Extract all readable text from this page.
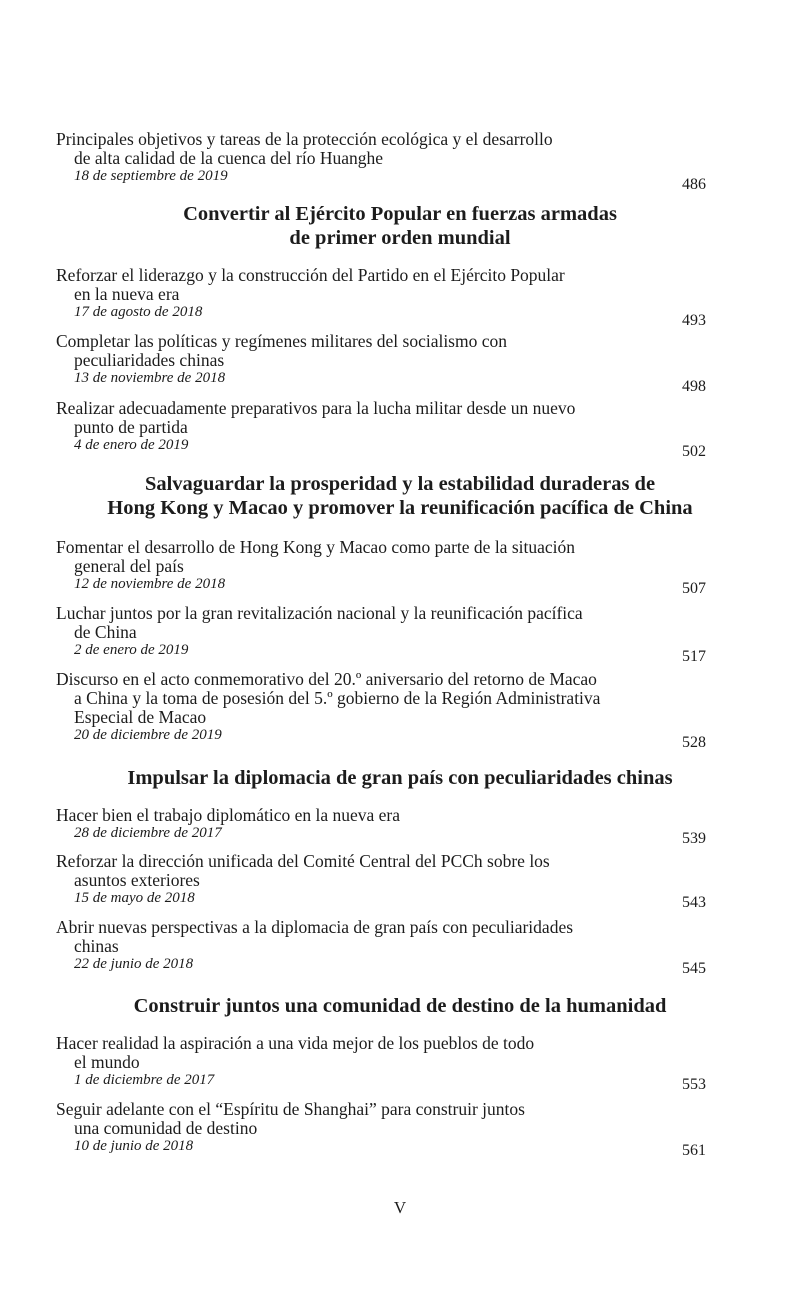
Principales objetivos y tareas de la protección ecológica y el desarrollo
de alta calidad de la cuenca del río Huanghe
18 de septiembre de 2019	486
Convertir al Ejército Popular en fuerzas armadas
de primer orden mundial
Reforzar el liderazgo y la construcción del Partido en el Ejército Popular
en la nueva era
17 de agosto de 2018	493
Completar las políticas y regímenes militares del socialismo con
peculiaridades chinas
13 de noviembre de 2018	498
Realizar adecuadamente preparativos para la lucha militar desde un nuevo
punto de partida
4 de enero de 2019	502
Salvaguardar la prosperidad y la estabilidad duraderas de
Hong Kong y Macao y promover la reunificación pacífica de China
Fomentar el desarrollo de Hong Kong y Macao como parte de la situación
general del país
12 de noviembre de 2018	507
Luchar juntos por la gran revitalización nacional y la reunificación pacífica
de China
2 de enero de 2019	517
Discurso en el acto conmemorativo del 20.º aniversario del retorno de Macao
a China y la toma de posesión del 5.º gobierno de la Región Administrativa
Especial de Macao
20 de diciembre de 2019	528
Impulsar la diplomacia de gran país con peculiaridades chinas
Hacer bien el trabajo diplomático en la nueva era
28 de diciembre de 2017	539
Reforzar la dirección unificada del Comité Central del PCCh sobre los
asuntos exteriores
15 de mayo de 2018	543
Abrir nuevas perspectivas a la diplomacia de gran país con peculiaridades
chinas
22 de junio de 2018	545
Construir juntos una comunidad de destino de la humanidad
Hacer realidad la aspiración a una vida mejor de los pueblos de todo
el mundo
1 de diciembre de 2017	553
Seguir adelante con el “Espíritu de Shanghai” para construir juntos
una comunidad de destino
10 de junio de 2018	561
V
